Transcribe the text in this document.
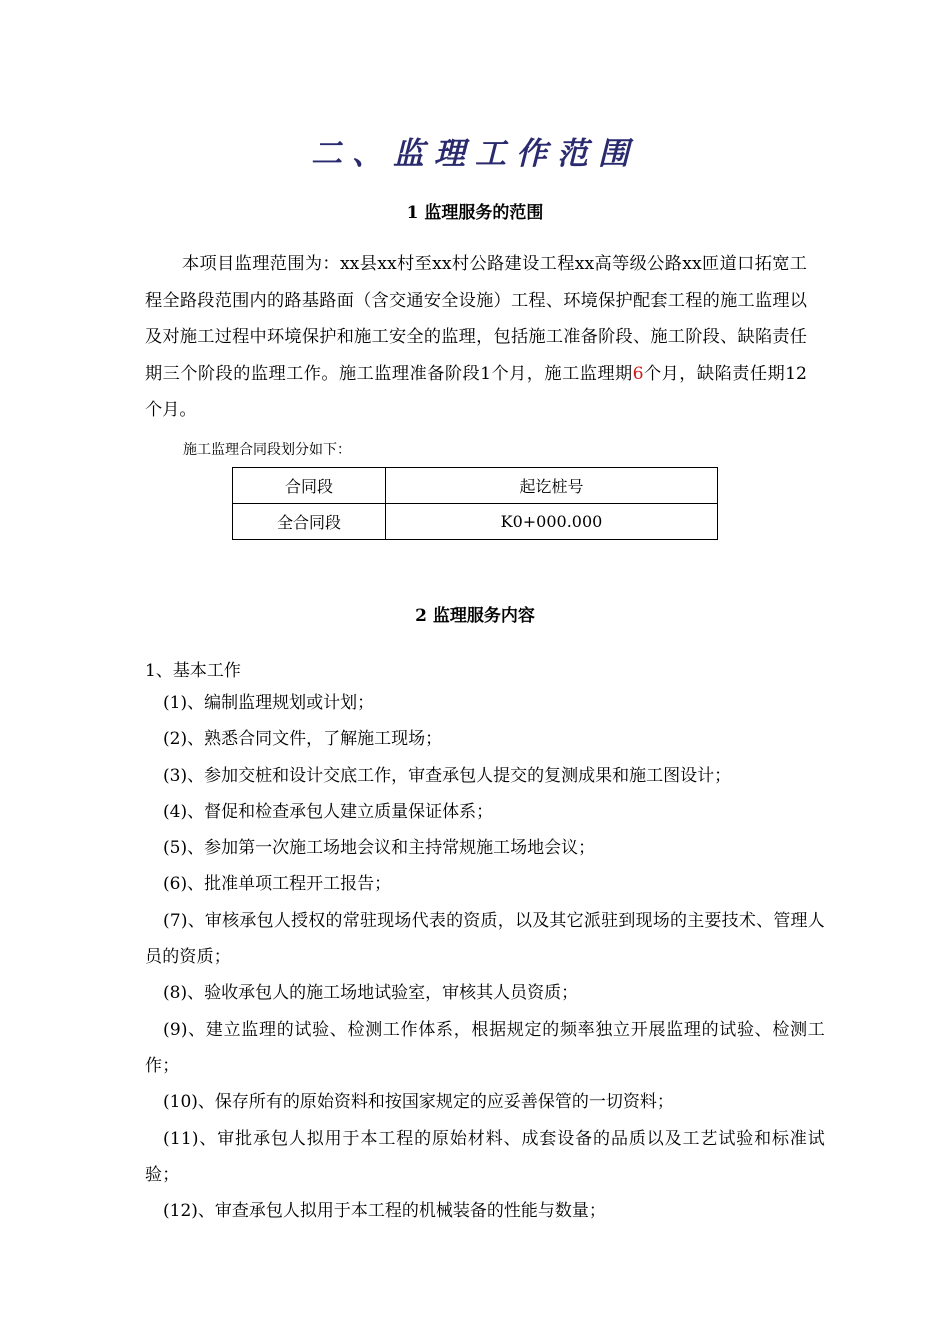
二、监理工作范围
1 监理服务的范围
本项目监理范围为：xx县xx村至xx村公路建设工程xx高等级公路xx匝道口拓宽工程全路段范围内的路基路面（含交通安全设施）工程、环境保护配套工程的施工监理以及对施工过程中环境保护和施工安全的监理，包括施工准备阶段、施工阶段、缺陷责任期三个阶段的监理工作。施工监理准备阶段1个月，施工监理期6个月，缺陷责任期12个月。
施工监理合同段划分如下：
合同段	起讫桩号
全合同段	K0+000.000
2 监理服务内容
1、基本工作
(1)、编制监理规划或计划；
(2)、熟悉合同文件，了解施工现场；
(3)、参加交桩和设计交底工作，审查承包人提交的复测成果和施工图设计；
(4)、督促和检查承包人建立质量保证体系；
(5)、参加第一次施工场地会议和主持常规施工场地会议；
(6)、批准单项工程开工报告；
(7)、审核承包人授权的常驻现场代表的资质，以及其它派驻到现场的主要技术、管理人员的资质；
(8)、验收承包人的施工场地试验室，审核其人员资质；
(9)、建立监理的试验、检测工作体系，根据规定的频率独立开展监理的试验、检测工作；
(10)、保存所有的原始资料和按国家规定的应妥善保管的一切资料；
(11)、审批承包人拟用于本工程的原始材料、成套设备的品质以及工艺试验和标准试验；
(12)、审查承包人拟用于本工程的机械装备的性能与数量；
